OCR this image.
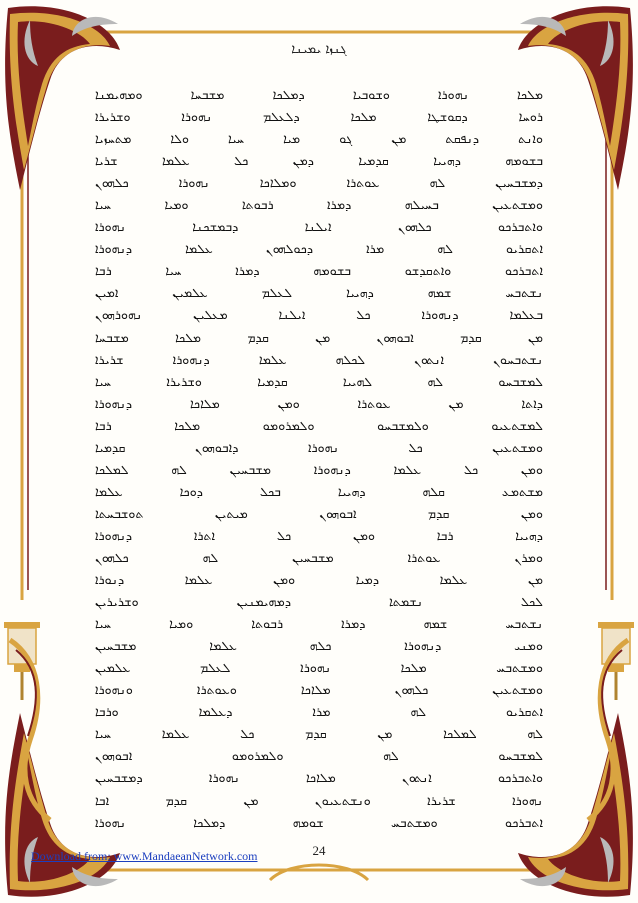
ܓܢܙܐ ܝܡܝܢܐ
ܡܠܟܐ ܢܗܘܪܐ ܘܫܘܒܝܐ ܕܡܠܟܐ ܡܫܒܚܐ ܘܡܗܝܡܢܐ
ܪܘܚܐ ܕܩܘܫܛܐ ܡܠܟܐ ܕܠܥܠܡ ܢܗܘܪܐ ܘܫܪܝܪܐ
ܘܐܢܬ ܕܢܦܩܬ ܡܢ ܓܘ ܡܝܐ ܚܝܐ ܘܠܐ ܡܬܚܙܝܐ
ܒܫܘܡܗ ܕܗܝܝܐ ܩܕܡܝܐ ܕܡܢ ܟܠ ܥܠܡܐ ܫܪܝܐ
ܕܡܫܒܚܝܢ ܠܗ ܥܘܬܪܐ ܘܡܠܐܟܐ ܢܗܘܪܐ ܟܠܗܘܢ
ܘܡܫܬܥܝܢ ܒܚܝܠܗ ܕܡܪܐ ܪܒܘܬܐ ܘܡܝܐ ܚܝܐ
ܘܐܬܒܪܟܘ ܟܠܗܘܢ ܐܝܠܢܐ ܕܒܡܫܟܢܐ ܢܗܘܪܐ
ܐܬܩܪܝܘ ܠܗ ܡܪܐ ܕܟܘܠܗܘܢ ܥܠܡܐ ܕܢܗܘܪܐ
ܐܬܒܪܟܘ ܘܐܬܩܕܫܘ ܒܫܘܡܗ ܕܡܪܐ ܚܝܐ ܪܒܐ
ܢܫܬܒܚ ܫܡܗ ܕܗܝܝܐ ܠܥܠܡ ܥܠܡܝܢ ܐܡܝܢ
ܒܥܠܡܐ ܕܢܗܘܪܐ ܟܠ ܐܝܠܢܐ ܡܥܠܝܢ ܢܗܘܪܗܘܢ
ܡܢ ܩܕܡ ܐܒܘܗܘܢ ܡܢ ܩܕܡ ܡܠܟܐ ܡܫܒܚܐ
ܢܫܬܒܚܘܢ ܐܢܬܘܢ ܠܟܠܗ ܥܠܡܐ ܕܢܗܘܪܐ ܫܪܝܪܐ
ܠܡܫܒܚܘ ܠܗ ܠܗܝܝܐ ܩܕܡܝܐ ܘܫܪܝܪܐ ܚܝܐ
ܕܐܬܐ ܡܢ ܥܘܬܪܐ ܘܡܢ ܡܠܐܟܐ ܕܢܗܘܪܐ
ܠܡܫܬܥܝܘ ܘܠܡܫܒܚܘ ܘܠܡܪܘܡܘ ܡܠܟܐ ܪܒܐ
ܘܡܫܬܥܝܢ ܟܠ ܢܗܘܪܐ ܕܐܒܘܗܘܢ ܩܕܡܝܐ
ܘܡܢ ܟܠ ܥܠܡܐ ܕܢܗܘܪܐ ܡܫܒܚܝܢ ܠܗ ܠܡܠܟܐ
ܡܫܬܡܥ ܩܠܗ ܕܗܝܝܐ ܒܟܠ ܕܘܟܐ ܥܠܡܐ
ܘܡܢ ܩܕܡ ܐܒܘܗܘܢ ܡܝܬܝܢ ܬܘܫܒܚܬܐ
ܕܗܝܝܐ ܪܒܐ ܘܡܢ ܟܠ ܐܬܪܐ ܕܢܗܘܪܐ
ܘܡܪܢ ܥܘܬܪܐ ܡܫܒܚܝܢ ܠܗ ܟܠܗܘܢ
ܡܢ ܥܠܡܐ ܕܡܝܐ ܘܡܢ ܥܠܡܐ ܕܢܘܪܐ
ܠܟܠ ܢܫܡܬܐ ܕܡܗܝܡܢܝܢ ܘܫܪܝܪܝܢ
ܢܫܬܒܚ ܫܡܗ ܕܡܪܐ ܪܒܘܬܐ ܘܡܝܐ ܚܝܐ
ܘܡܢܝ ܕܢܗܘܪܐ ܟܠܗ ܥܠܡܐ ܡܫܒܚܝܢ
ܘܡܫܬܒܚ ܡܠܟܐ ܢܗܘܪܐ ܠܥܠܡ ܥܠܡܝܢ
ܘܡܫܬܥܝܢ ܟܠܗܘܢ ܡܠܐܟܐ ܘܥܘܬܪܐ ܘܢܗܘܪܐ
ܐܬܩܪܝܘ ܠܗ ܡܪܐ ܕܥܠܡܐ ܘܪܒܐ
ܠܗ ܠܡܠܟܐ ܡܢ ܩܕܡ ܟܠ ܥܠܡܐ ܚܝܐ
ܠܡܫܒܚܘ ܠܗ ܘܠܡܪܘܡܘ ܐܒܘܗܘܢ
ܘܐܬܒܪܟܘ ܐܢܬܘܢ ܡܠܐܟܐ ܢܗܘܪܐ ܕܡܫܒܚܝܢ
ܢܗܘܪܐ ܫܪܝܪܐ ܘܢܫܬܥܝܘܢ ܡܢ ܩܕܡ ܐܒܐ
ܐܬܒܪܟܘ ܘܡܫܬܒܚ ܫܘܡܗ ܕܡܠܟܐ ܢܗܘܪܐ
24
Download from: www.MandaeanNetwork.com
